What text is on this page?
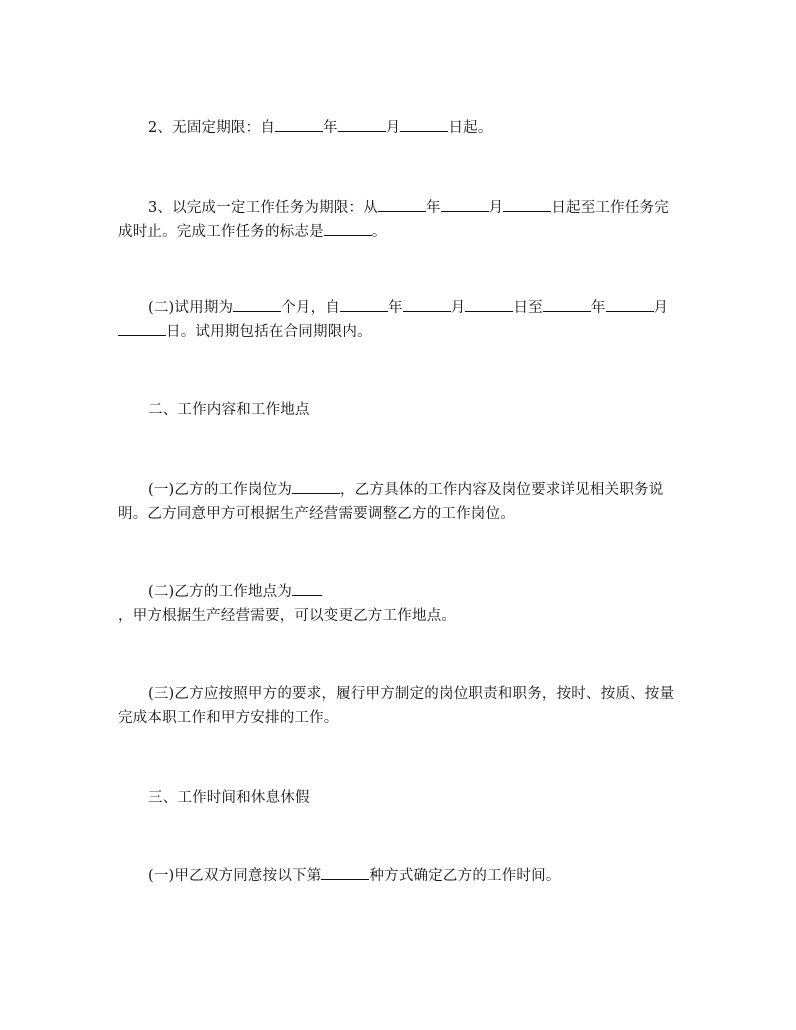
2、无固定期限：自	年	月	日起。
3、以完成一定工作任务为期限：从	年	月	日起至工作任务完成时止。完成工作任务的标志是	。
(二)试用期为	个月，自	年	月	日至	年	月日。试用期包括在合同期限内。
二、工作内容和工作地点
(一)乙方的工作岗位为	，乙方具体的工作内容及岗位要求详见相关职务说明。乙方同意甲方可根据生产经营需要调整乙方的工作岗位。
(二)乙方的工作地点为
，甲方根据生产经营需要，可以变更乙方工作地点。
(三)乙方应按照甲方的要求，履行甲方制定的岗位职责和职务，按时、按质、按量完成本职工作和甲方安排的工作。
三、工作时间和休息休假
(一)甲乙双方同意按以下第	种方式确定乙方的工作时间。
